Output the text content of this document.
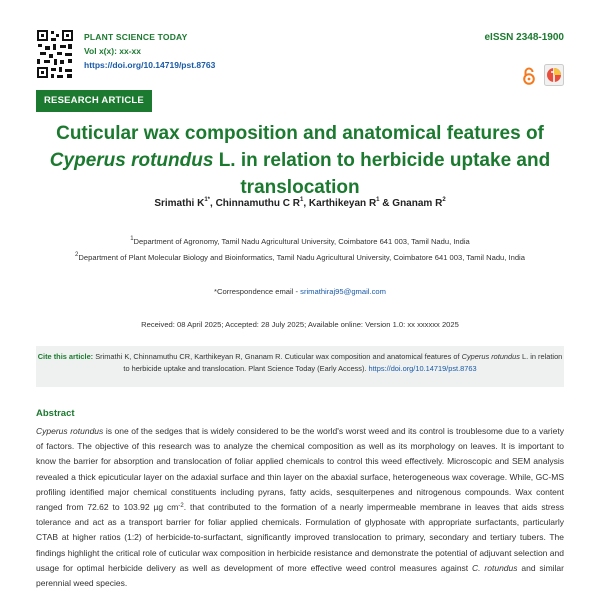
PLANT SCIENCE TODAY
Vol x(x): xx-xx
https://doi.org/10.14719/pst.8763
eISSN 2348-1900
RESEARCH ARTICLE
Cuticular wax composition and anatomical features of Cyperus rotundus L. in relation to herbicide uptake and translocation
Srimathi $K^{1*}$, Chinnamuthu C $R^1$, Karthikeyan $R^1$ & Gnanam $R^2$
$^1$Department of Agronomy, Tamil Nadu Agricultural University, Coimbatore 641 003, Tamil Nadu, India
$^2$Department of Plant Molecular Biology and Bioinformatics, Tamil Nadu Agricultural University, Coimbatore 641 003, Tamil Nadu, India
*Correspondence email - srimathiraj95@gmail.com
Received: 08 April 2025; Accepted: 28 July 2025; Available online: Version 1.0: xx xxxxxx 2025
Cite this article: Srimathi K, Chinnamuthu CR, Karthikeyan R, Gnanam R. Cuticular wax composition and anatomical features of Cyperus rotundus L. in relation to herbicide uptake and translocation. Plant Science Today (Early Access). https://doi.org/10.14719/pst.8763
Abstract
Cyperus rotundus is one of the sedges that is widely considered to be the world's worst weed and its control is troublesome due to a variety of factors. The objective of this research was to analyze the chemical composition as well as its morphology on leaves. It is important to know the barrier for absorption and translocation of foliar applied chemicals to control this weed effectively. Microscopic and SEM analysis revealed a thick epicuticular layer on the adaxial surface and thin layer on the abaxial surface, heterogeneous wax coverage. While, GC-MS profiling identified major chemical constituents including pyrans, fatty acids, sesquiterpenes and nitrogenous compounds. Wax content ranged from 72.62 to 103.92 µg $cm^{-2}$. that contributed to the formation of a nearly impermeable membrane in leaves that aids stress tolerance and act as a transport barrier for foliar applied chemicals. Formulation of glyphosate with appropriate surfactants, particularly CTAB at higher ratios (1:2) of herbicide-to-surfactant, significantly improved translocation to primary, secondary and tertiary tubers. The findings highlight the critical role of cuticular wax composition in herbicide resistance and demonstrate the potential of adjuvant selection and usage for optimal herbicide delivery as well as development of more effective weed control measures against C. rotundus and similar perennial weed species.
